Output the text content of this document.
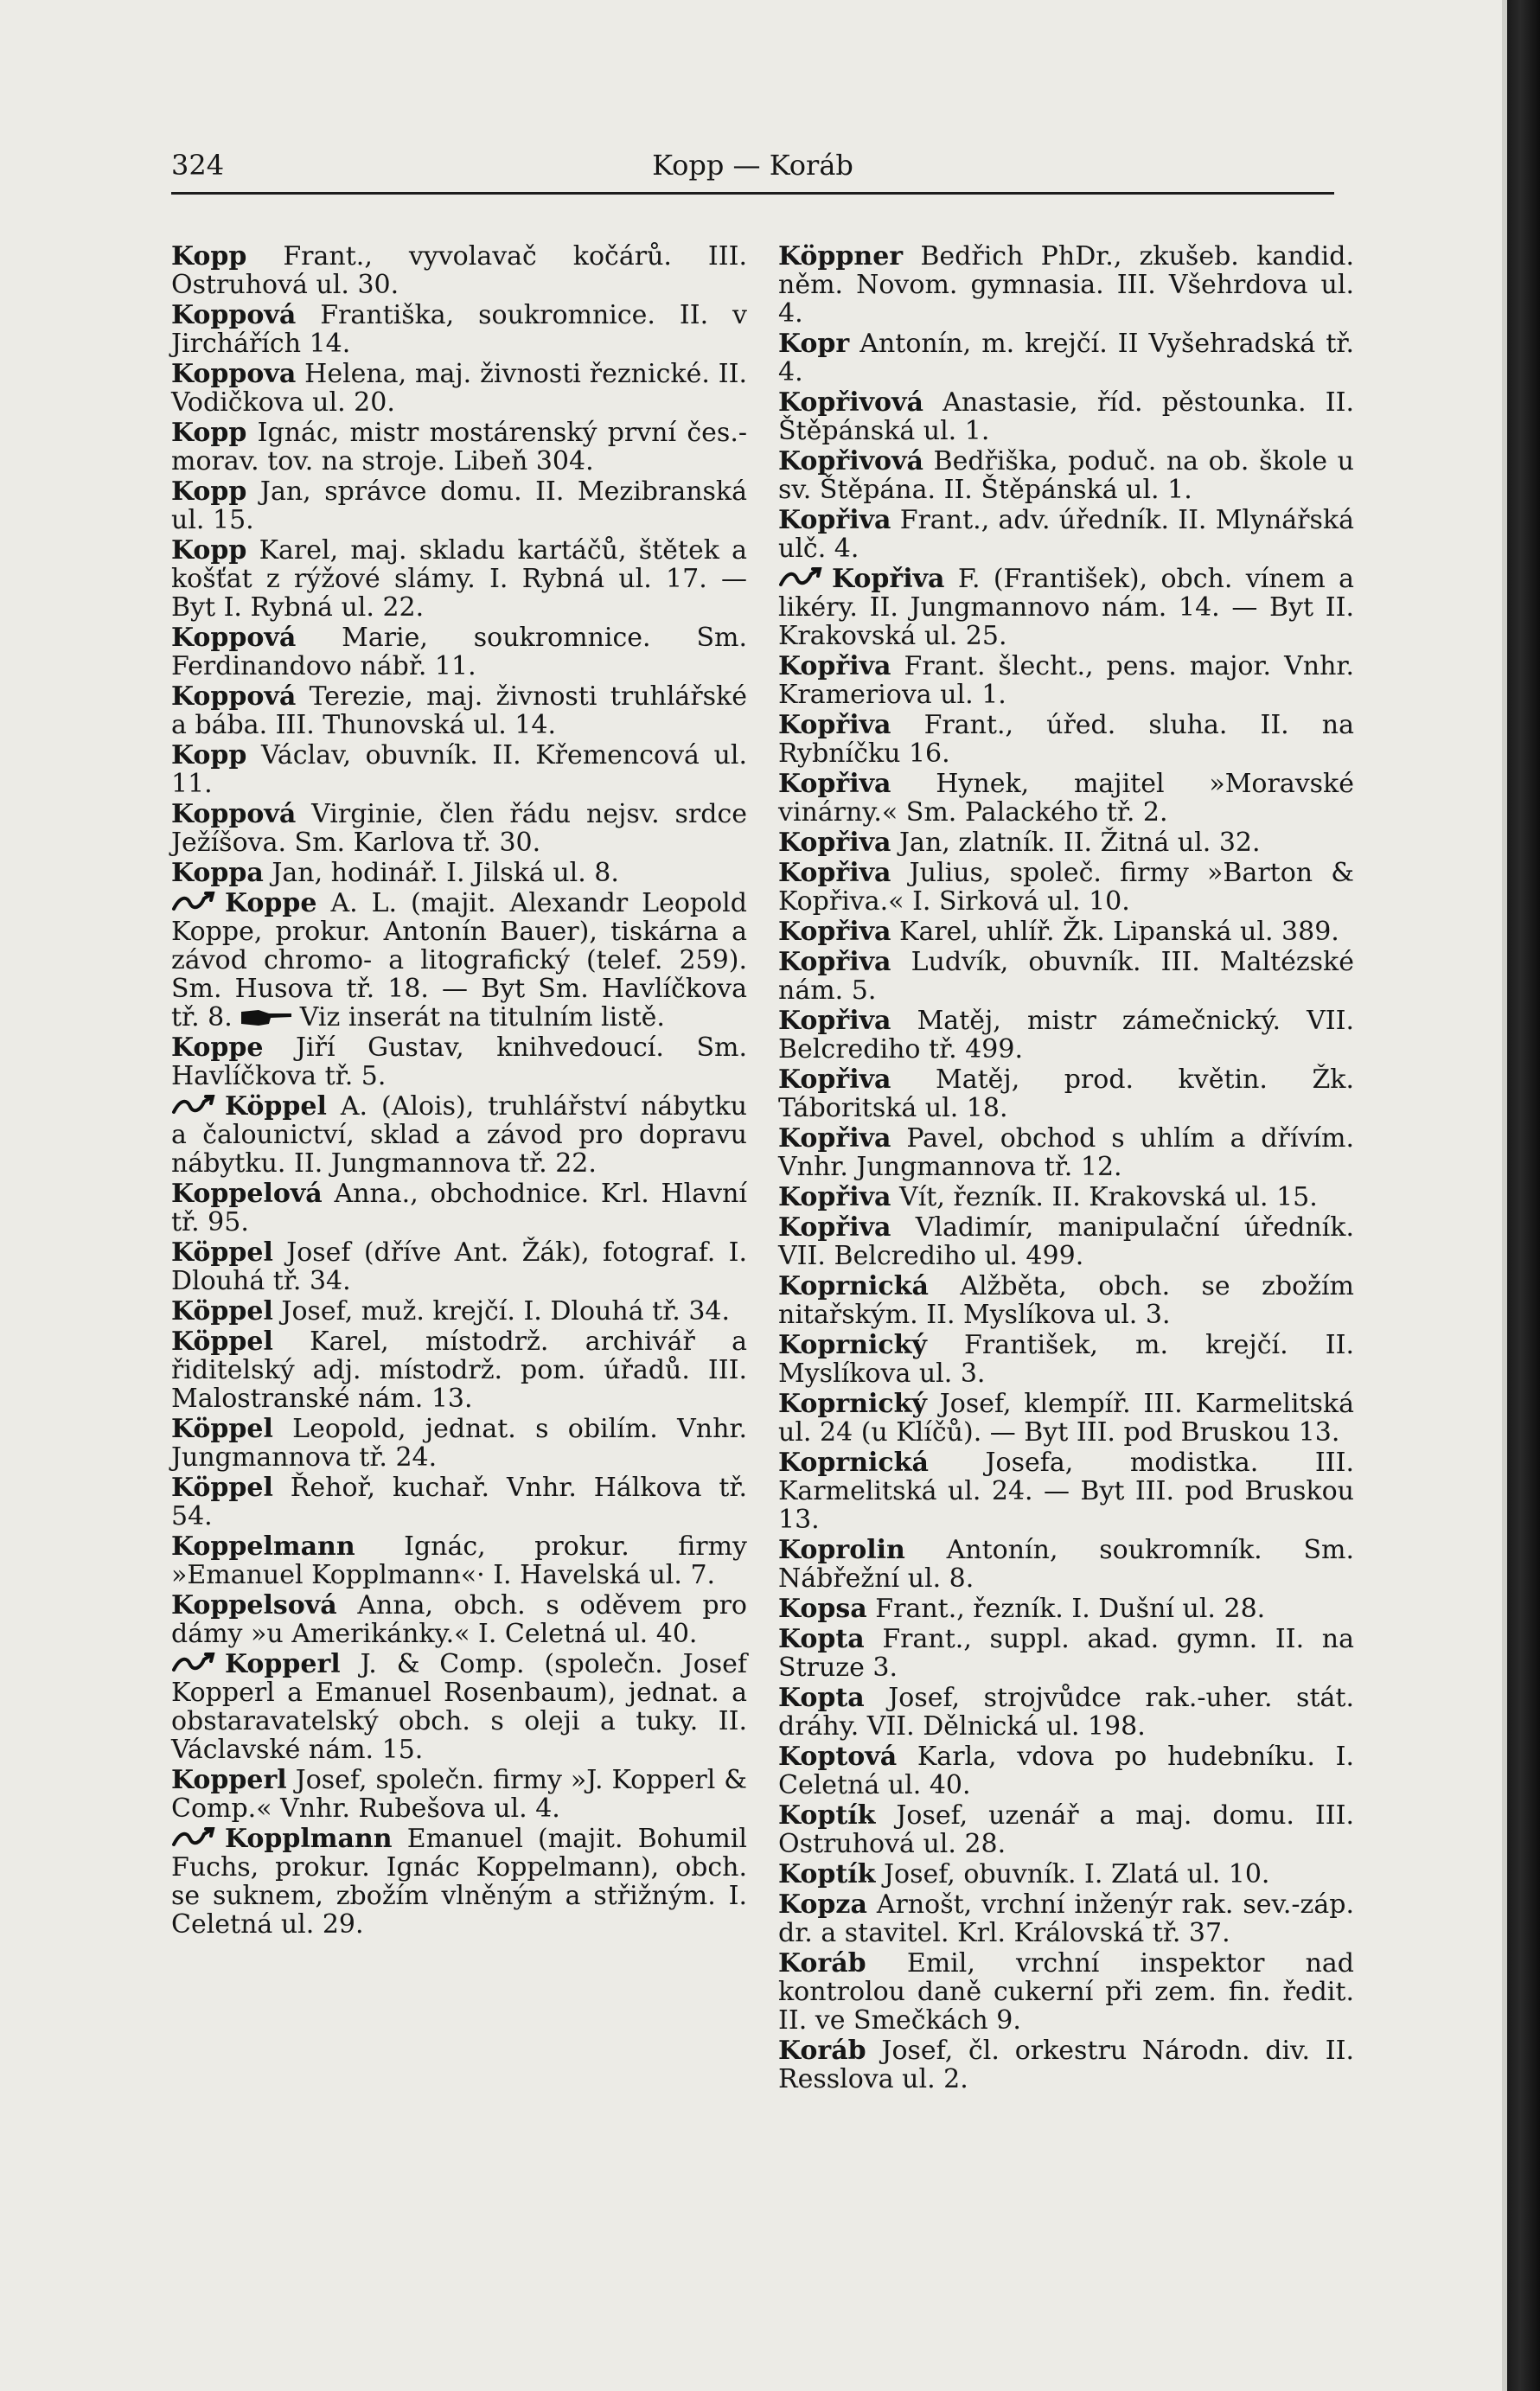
324	Kopp — Koráb

Kopp Frant., vyvolavač kočárů. III. Ostruhová ul. 30.

Koppová Františka, soukromnice. II. v Jirchářích 14.

Koppova Helena, maj. živnosti řeznické. II. Vodičkova ul. 20.

Kopp Ignác, mistr mostárenský první čes.-morav. tov. na stroje. Libeň 304.

Kopp Jan, správce domu. II. Mezibranská ul. 15.

Kopp Karel, maj. skladu kartáčů, štětek a košťat z rýžové slámy. I. Rybná ul. 17. — Byt I. Rybná ul. 22.

Koppová Marie, soukromnice. Sm. Ferdinandovo nábř. 11.

Koppová Terezie, maj. živnosti truhlářské a bába. III. Thunovská ul. 14.

Kopp Václav, obuvník. II. Křemencová ul. 11.

Koppová Virginie, člen řádu nejsv. srdce Ježíšova. Sm. Karlova tř. 30.

Koppa Jan, hodinář. I. Jilská ul. 8.

Koppe A. L. (majit. Alexandr Leopold Koppe, prokur. Antonín Bauer), tiskárna a závod chromo- a litografický (telef. 259). Sm. Husova tř. 18. — Byt Sm. Havlíčkova tř. 8.	Viz inserát na titulním listě.

Koppe Jiří Gustav, knihvedoucí. Sm. Havlíčkova tř. 5.

Köppel A. (Alois), truhlářství nábytku a čalounictví, sklad a závod pro dopravu nábytku. II. Jungmannova tř. 22.

Koppelová Anna., obchodnice. Krl. Hlavní tř. 95.

Köppel Josef (dříve Ant. Žák), fotograf. I. Dlouhá tř. 34.

Köppel Josef, muž. krejčí. I. Dlouhá tř. 34.

Köppel Karel, místodrž. archivář a řiditelský adj. místodrž. pom. úřadů. III. Malostranské nám. 13.

Köppel Leopold, jednat. s obilím. Vnhr. Jungmannova tř. 24.

Köppel Řehoř, kuchař. Vnhr. Hálkova tř. 54.

Koppelmann Ignác, prokur. firmy »Emanuel Kopplmann«· I. Havelská ul. 7.

Koppelsová Anna, obch. s oděvem pro dámy »u Amerikánky.« I. Celetná ul. 40.

Kopperl J. & Comp. (společn. Josef Kopperl a Emanuel Rosenbaum), jednat. a obstaravatelský obch. s oleji a tuky. II. Václavské nám. 15.

Kopperl Josef, společn. firmy »J. Kopperl & Comp.« Vnhr. Rubešova ul. 4.

Kopplmann Emanuel (majit. Bohumil Fuchs, prokur. Ignác Koppelmann), obch. se suknem, zbožím vlněným a střižným. I. Celetná ul. 29.

Köppner Bedřich PhDr., zkušeb. kandid. něm. Novom. gymnasia. III. Všehrdova ul. 4.

Kopr Antonín, m. krejčí. II Vyšehradská tř. 4.

Kopřivová Anastasie, říd. pěstounka. II. Štěpánská ul. 1.

Kopřivová Bedřiška, poduč. na ob. škole u sv. Štěpána. II. Štěpánská ul. 1.

Kopřiva Frant., adv. úředník. II. Mlynářská ulč. 4.

Kopřiva F. (František), obch. vínem a likéry. II. Jungmannovo nám. 14. — Byt II. Krakovská ul. 25.

Kopřiva Frant. šlecht., pens. major. Vnhr. Krameriova ul. 1.

Kopřiva Frant., úřed. sluha. II. na Rybníčku 16.

Kopřiva Hynek, majitel »Moravské vinárny.« Sm. Palackého tř. 2.

Kopřiva Jan, zlatník. II. Žitná ul. 32.

Kopřiva Julius, společ. firmy »Barton & Kopřiva.« I. Sirková ul. 10.

Kopřiva Karel, uhlíř. Žk. Lipanská ul. 389.

Kopřiva Ludvík, obuvník. III. Maltézské nám. 5.

Kopřiva Matěj, mistr zámečnický. VII. Belcrediho tř. 499.

Kopřiva Matěj, prod. květin. Žk. Táboritská ul. 18.

Kopřiva Pavel, obchod s uhlím a dřívím. Vnhr. Jungmannova tř. 12.

Kopřiva Vít, řezník. II. Krakovská ul. 15.

Kopřiva Vladimír, manipulační úředník. VII. Belcrediho ul. 499.

Koprnická Alžběta, obch. se zbožím nitařským. II. Myslíkova ul. 3.

Koprnický František, m. krejčí. II. Myslíkova ul. 3.

Koprnický Josef, klempíř. III. Karmelitská ul. 24 (u Klíčů). — Byt III. pod Bruskou 13.

Koprnická Josefa, modistka. III. Karmelitská ul. 24. — Byt III. pod Bruskou 13.

Koprolin Antonín, soukromník. Sm. Nábřežní ul. 8.

Kopsa Frant., řezník. I. Dušní ul. 28.

Kopta Frant., suppl. akad. gymn. II. na Struze 3.

Kopta Josef, strojvůdce rak.-uher. stát. dráhy. VII. Dělnická ul. 198.

Koptová Karla, vdova po hudebníku. I. Celetná ul. 40.

Koptík Josef, uzenář a maj. domu. III. Ostruhová ul. 28.

Koptík Josef, obuvník. I. Zlatá ul. 10.

Kopza Arnošt, vrchní inženýr rak. sev.-záp. dr. a stavitel. Krl. Královská tř. 37.

Koráb Emil, vrchní inspektor nad kontrolou daně cukerní při zem. fin. ředit. II. ve Smečkách 9.

Koráb Josef, čl. orkestru Národn. div. II. Resslova ul. 2.
